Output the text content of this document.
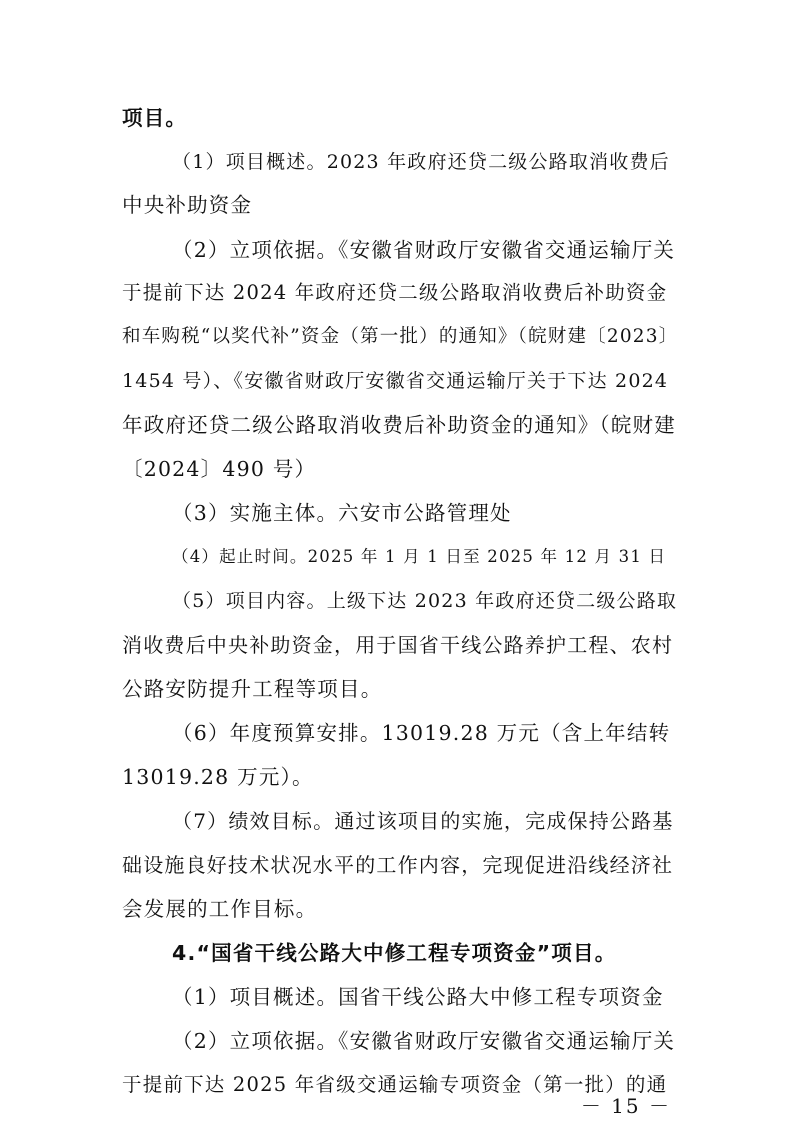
项目。
（1）项目概述。2023 年政府还贷二级公路取消收费后
中央补助资金
（2）立项依据。《安徽省财政厅安徽省交通运输厅关
于提前下达 2024 年政府还贷二级公路取消收费后补助资金
和车购税“以奖代补”资金（第一批）的通知》（皖财建〔2023〕
1454 号）、《安徽省财政厅安徽省交通运输厅关于下达 2024
年政府还贷二级公路取消收费后补助资金的通知》（皖财建
〔2024〕490 号）
（3）实施主体。六安市公路管理处
（4）起止时间。2025 年 1 月 1 日至 2025 年 12 月 31 日
（5）项目内容。上级下达 2023 年政府还贷二级公路取
消收费后中央补助资金，用于国省干线公路养护工程、农村
公路安防提升工程等项目。
（6）年度预算安排。13019.28 万元（含上年结转
13019.28 万元）。
（7）绩效目标。通过该项目的实施，完成保持公路基
础设施良好技术状况水平的工作内容，完现促进沿线经济社
会发展的工作目标。
4.“国省干线公路大中修工程专项资金”项目。
（1）项目概述。国省干线公路大中修工程专项资金
（2）立项依据。《安徽省财政厅安徽省交通运输厅关
于提前下达 2025 年省级交通运输专项资金（第一批）的通
－ 15 －
